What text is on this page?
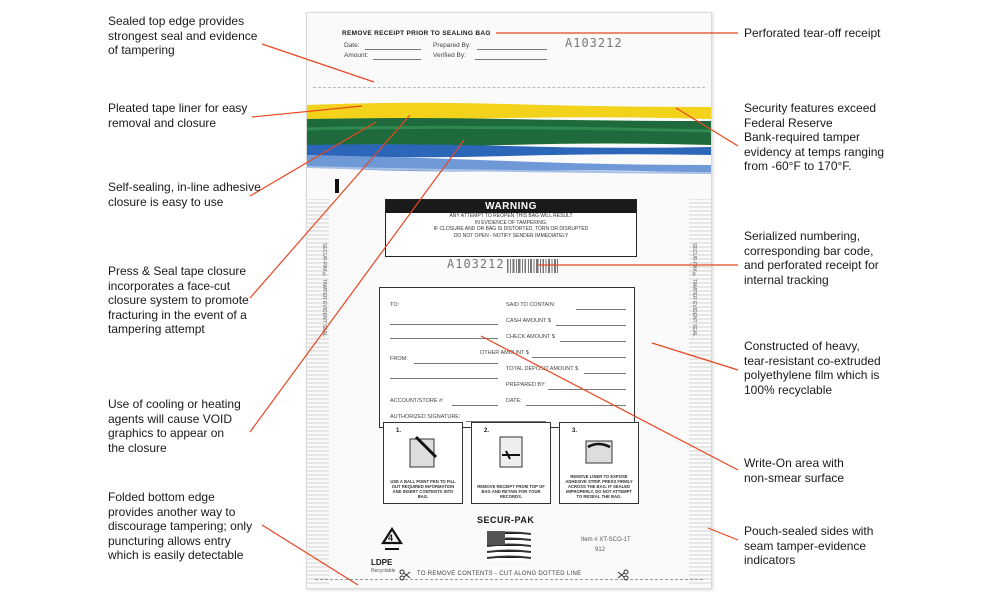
REMOVE RECEIPT PRIOR TO SEALING BAG
Date:
Amount:
Prepared By:
Verified By:
A103212
SECUR-PAK® TAMPER EVIDENT SEAL	SECUR-PAK® TAMPER EVIDENT SEAL
WARNING
ANY ATTEMPT TO REOPEN THIS BAG WILL RESULT
IN EVIDENCE OF TAMPERING.
IF CLOSURE AND OR BAG IS DISTORTED, TORN OR DISRUPTED
DO NOT OPEN - NOTIFY SENDER IMMEDIATELY
A103212
TO:
FROM:
ACCOUNT/STORE #:
AUTHORIZED SIGNATURE:
SAID TO CONTAIN:
CASH AMOUNT $
CHECK AMOUNT $
OTHER AMOUNT $
TOTAL DEPOSIT AMOUNT $
PREPARED BY:
DATE:
1.
USE A BALL POINT PEN TO FILL OUT REQUIRED INFORMATION AND INSERT CONTENTS INTO BAG.
2.
REMOVE RECEIPT FROM TOP OF BAG AND RETAIN FOR YOUR RECORDS.
3.
REMOVE LINER TO EXPOSE ADHESIVE STRIP. PRESS FIRMLY ACROSS THE BAG. IF SEALED IMPROPERLY, DO NOT ATTEMPT TO RESEAL THE BAG.
4
LDPE
Recyclable
SECUR-PAK
Item # XT-SCO-1T
912
TO REMOVE CONTENTS - CUT ALONG DOTTED LINE
Sealed top edge provides
strongest seal and evidence
of tampering
Pleated tape liner for easy
removal and closure
Self-sealing, in-line adhesive
closure is easy to use
Press & Seal tape closure
incorporates a face-cut
closure system to promote
fracturing in the event of a
tampering attempt
Use of cooling or heating
agents will cause VOID
graphics to appear on
the closure
Folded bottom edge
provides another way to
discourage tampering; only
puncturing allows entry
which is easily detectable
Perforated tear-off receipt
Security features exceed
Federal Reserve
Bank-required tamper
evidency at temps ranging
from -60°F to 170°F.
Serialized numbering,
corresponding bar code,
and perforated receipt for
internal tracking
Constructed of heavy,
tear-resistant co-extruded
polyethylene film which is
100% recyclable
Write-On area with
non-smear surface
Pouch-sealed sides with
seam tamper-evidence
indicators
